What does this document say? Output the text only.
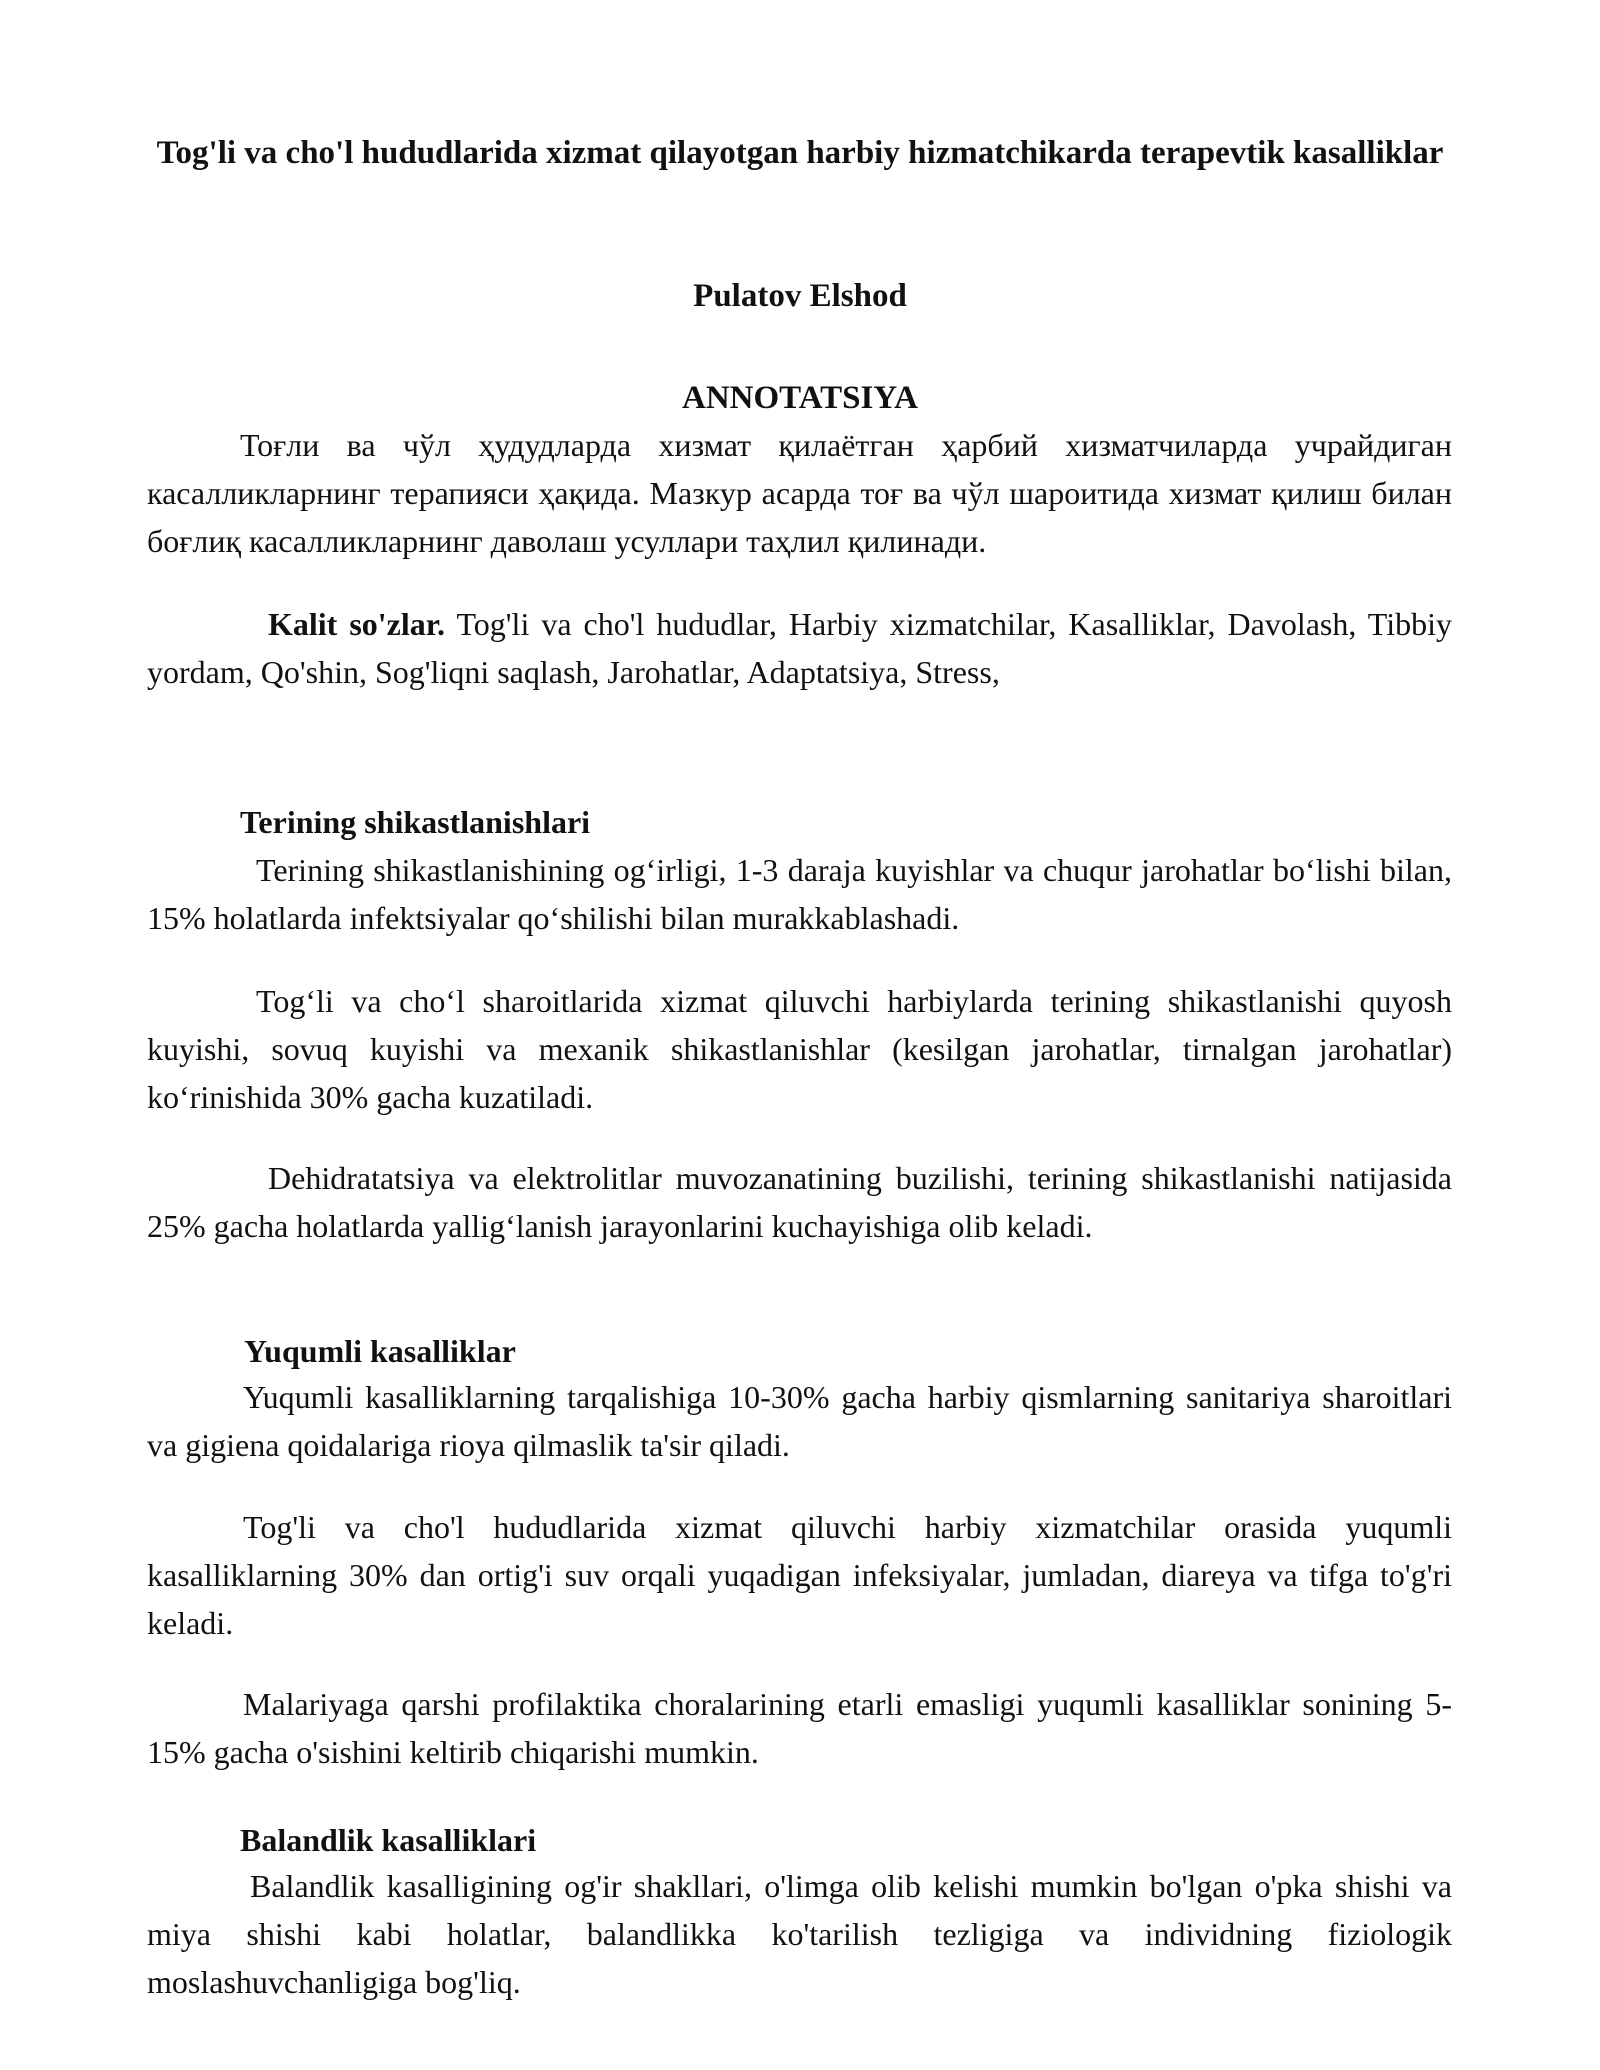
Tog'li va cho'l hududlarida xizmat qilayotgan harbiy hizmatchikarda terapevtik kasalliklar
Pulatov Elshod
ANNOTATSIYA
Тоғли ва чўл ҳудудларда хизмат қилаётган ҳарбий хизматчиларда учрайдиган касалликларнинг терапияси ҳақида. Мазкур асарда тоғ ва чўл шароитида хизмат қилиш билан боғлиқ касалликларнинг даволаш усуллари таҳлил қилинади.
Kalit so'zlar. Tog'li va cho'l hududlar, Harbiy xizmatchilar, Kasalliklar, Davolash, Tibbiy yordam, Qo'shin, Sog'liqni saqlash, Jarohatlar, Adaptatsiya, Stress,
Terining shikastlanishlari
Terining shikastlanishining og‘irligi, 1-3 daraja kuyishlar va chuqur jarohatlar bo‘lishi bilan, 15% holatlarda infektsiyalar qo‘shilishi bilan murakkablashadi.
Tog‘li va cho‘l sharoitlarida xizmat qiluvchi harbiylarda terining shikastlanishi quyosh kuyishi, sovuq kuyishi va mexanik shikastlanishlar (kesilgan jarohatlar, tirnalgan jarohatlar) ko‘rinishida 30% gacha kuzatiladi.
Dehidratatsiya va elektrolitlar muvozanatining buzilishi, terining shikastlanishi natijasida 25% gacha holatlarda yallig‘lanish jarayonlarini kuchayishiga olib keladi.
Yuqumli kasalliklar
Yuqumli kasalliklarning tarqalishiga 10-30% gacha harbiy qismlarning sanitariya sharoitlari va gigiena qoidalariga rioya qilmaslik ta'sir qiladi.
Tog'li va cho'l hududlarida xizmat qiluvchi harbiy xizmatchilar orasida yuqumli kasalliklarning 30% dan ortig'i suv orqali yuqadigan infeksiyalar, jumladan, diareya va tifga to'g'ri keladi.
Malariyaga qarshi profilaktika choralarining etarli emasligi yuqumli kasalliklar sonining 5-15% gacha o'sishini keltirib chiqarishi mumkin.
Balandlik kasalliklari
Balandlik kasalligining og'ir shakllari, o'limga olib kelishi mumkin bo'lgan o'pka shishi va miya shishi kabi holatlar, balandlikka ko'tarilish tezligiga va individning fiziologik moslashuvchanligiga bog'liq.
